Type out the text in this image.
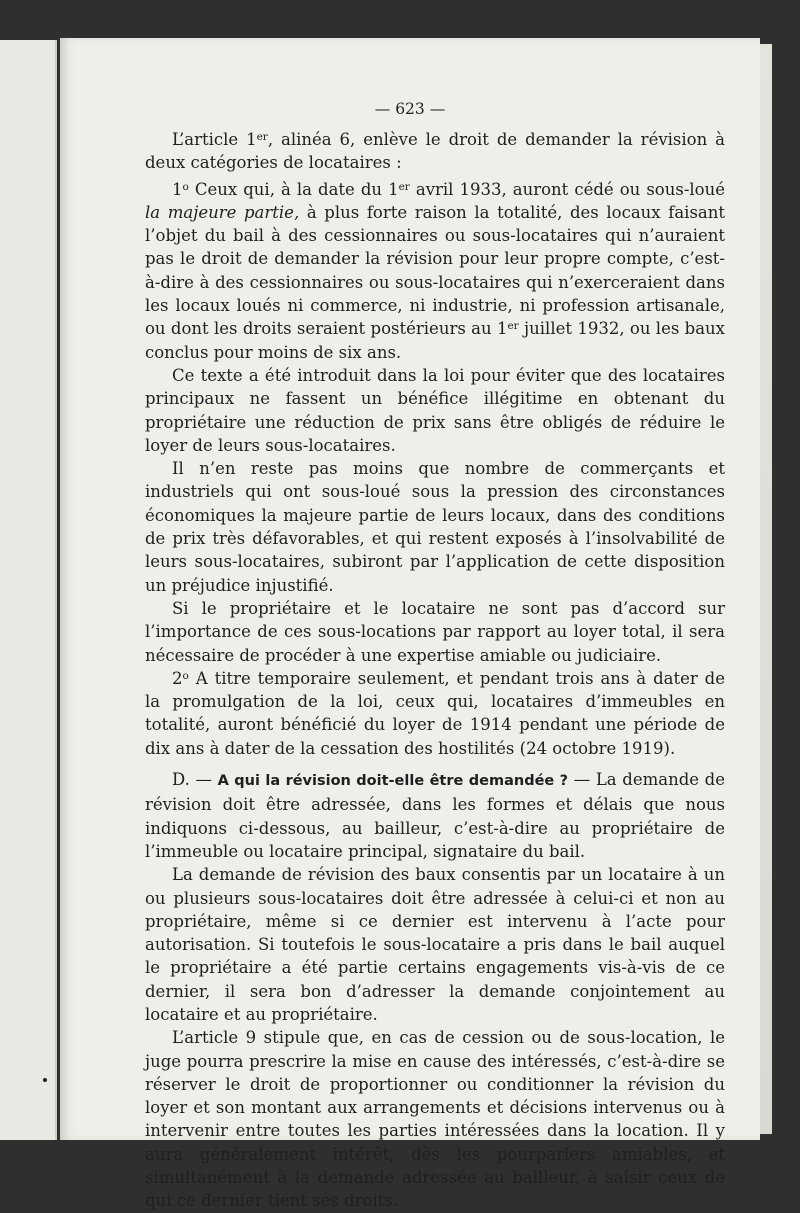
— 623 —

L’article 1er, alinéa 6, enlève le droit de demander la révision à deux catégories de locataires :

1$^o$ Ceux qui, à la date du 1er avril 1933, auront cédé ou sous-loué la majeure partie, à plus forte raison la totalité, des locaux faisant l’objet du bail à des cessionnaires ou sous-locataires qui n’auraient pas le droit de demander la révision pour leur propre compte, c’est-à-dire à des cessionnaires ou sous-locataires qui n’exerceraient dans les locaux loués ni commerce, ni industrie, ni profession artisanale, ou dont les droits seraient postérieurs au 1er juillet 1932, ou les baux conclus pour moins de six ans.

Ce texte a été introduit dans la loi pour éviter que des locataires principaux ne fassent un bénéfice illégitime en obtenant du propriétaire une réduction de prix sans être obligés de réduire le loyer de leurs sous-locataires.

Il n’en reste pas moins que nombre de commerçants et industriels qui ont sous-loué sous la pression des circonstances économiques la majeure partie de leurs locaux, dans des conditions de prix très défavorables, et qui restent exposés à l’insolvabilité de leurs sous-locataires, subiront par l’application de cette disposition un préjudice injustifié.

Si le propriétaire et le locataire ne sont pas d’accord sur l’importance de ces sous-locations par rapport au loyer total, il sera nécessaire de procéder à une expertise amiable ou judiciaire.

2$^o$ A titre temporaire seulement, et pendant trois ans à dater de la promulgation de la loi, ceux qui, locataires d’immeubles en totalité, auront bénéficié du loyer de 1914 pendant une période de dix ans à dater de la cessation des hostilités (24 octobre 1919).

D. — A qui la révision doit-elle être demandée ? — La demande de révision doit être adressée, dans les formes et délais que nous indiquons ci-dessous, au bailleur, c’est-à-dire au propriétaire de l’immeuble ou locataire principal, signataire du bail.

La demande de révision des baux consentis par un locataire à un ou plusieurs sous-locataires doit être adressée à celui-ci et non au propriétaire, même si ce dernier est intervenu à l’acte pour autorisation. Si toutefois le sous-locataire a pris dans le bail auquel le propriétaire a été partie certains engagements vis-à-vis de ce dernier, il sera bon d’adresser la demande conjointement au locataire et au propriétaire.

L’article 9 stipule que, en cas de cession ou de sous-location, le juge pourra prescrire la mise en cause des intéressés, c’est-à-dire se réserver le droit de proportionner ou conditionner la révision du loyer et son montant aux arrangements et décisions intervenus ou à intervenir entre toutes les parties intéressées dans la location. Il y aura généralement intérêt, dès les pourparlers amiables, et simultanément à la demande adressée au bailleur, à saisir ceux de qui ce dernier tient ses droits.
